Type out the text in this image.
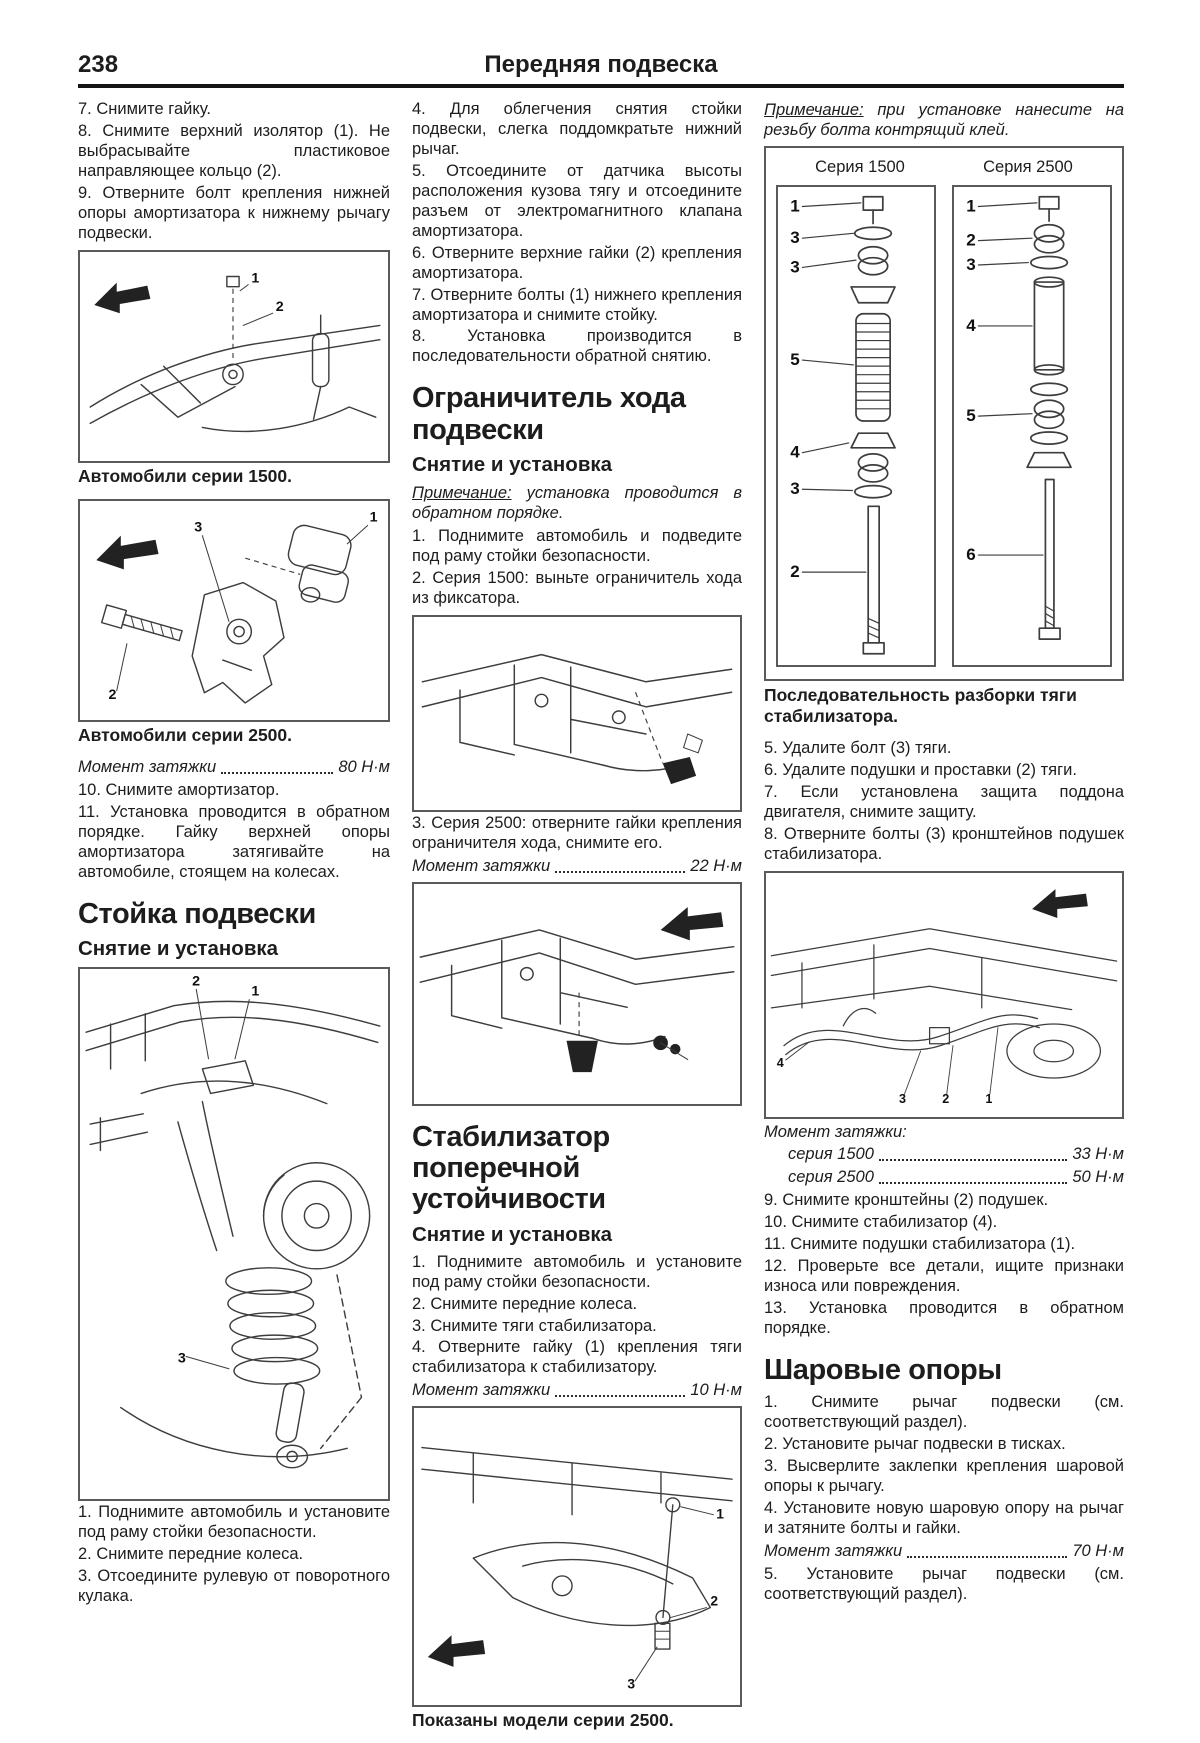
238	Передняя подвеска

7. Снимите гайку.

8. Снимите верхний изолятор (1). Не выбрасывайте пластиковое направляющее кольцо (2).

9. Отверните болт крепления нижней опоры амортизатора к нижнему рычагу подвески.

1
2
Автомобили серии 1500.
3
1
2
Автомобили серии 2500.
Момент затяжки	80 Н·м

10. Снимите амортизатор.

11. Установка проводится в обратном порядке. Гайку верхней опоры амортизатора затягивайте на автомобиле, стоящем на колесах.

Стойка подвески
Снятие и установка
2
1
3

1. Поднимите автомобиль и установите под раму стойки безопасности.

2. Снимите передние колеса.

3. Отсоедините рулевую от поворотного кулака.

4. Для облегчения снятия стойки подвески, слегка поддомкратьте нижний рычаг.

5. Отсоедините от датчика высоты расположения кузова тягу и отсоедините разъем от электромагнитного клапана амортизатора.

6. Отверните верхние гайки (2) крепления амортизатора.

7. Отверните болты (1) нижнего крепления амортизатора и снимите стойку.

8. Установка производится в последовательности обратной снятию.

Ограничитель хода подвески
Снятие и установка

Примечание: установка проводится в обратном порядке.

1. Поднимите автомобиль и подведите под раму стойки безопасности.

2. Серия 1500: выньте ограничитель хода из фиксатора.

3. Серия 2500: отверните гайки крепления ограничителя хода, снимите его.

Момент затяжки	22 Н·м
Стабилизатор поперечной устойчивости
Снятие и установка

1. Поднимите автомобиль и установите под раму стойки безопасности.

2. Снимите передние колеса.

3. Снимите тяги стабилизатора.

4. Отверните гайку (1) крепления тяги стабилизатора к стабилизатору.

Момент затяжки	10 Н·м
1
2
3
Показаны модели серии 2500.

Примечание: при установке нанесите на резьбу болта контрящий клей.

Серия 1500	Серия 2500
1
3
3
5
4
3
2
1
2
3
4
5
6
Последовательность разборки тяги стабилизатора.

5. Удалите болт (3) тяги.

6. Удалите подушки и проставки (2) тяги.

7. Если установлена защита поддона двигателя, снимите защиту.

8. Отверните болты (3) кронштейнов подушек стабилизатора.

4
3	2	1
Момент затяжки:
серия 1500	33 Н·м
серия 2500	50 Н·м

9. Снимите кронштейны (2) подушек.

10. Снимите стабилизатор (4).

11. Снимите подушки стабилизатора (1).

12. Проверьте все детали, ищите признаки износа или повреждения.

13. Установка проводится в обратном порядке.

Шаровые опоры

1. Снимите рычаг подвески (см. соответствующий раздел).

2. Установите рычаг подвески в тисках.

3. Высверлите заклепки крепления шаровой опоры к рычагу.

4. Установите новую шаровую опору на рычаг и затяните болты и гайки.

Момент затяжки	70 Н·м

5. Установите рычаг подвески (см. соответствующий раздел).
